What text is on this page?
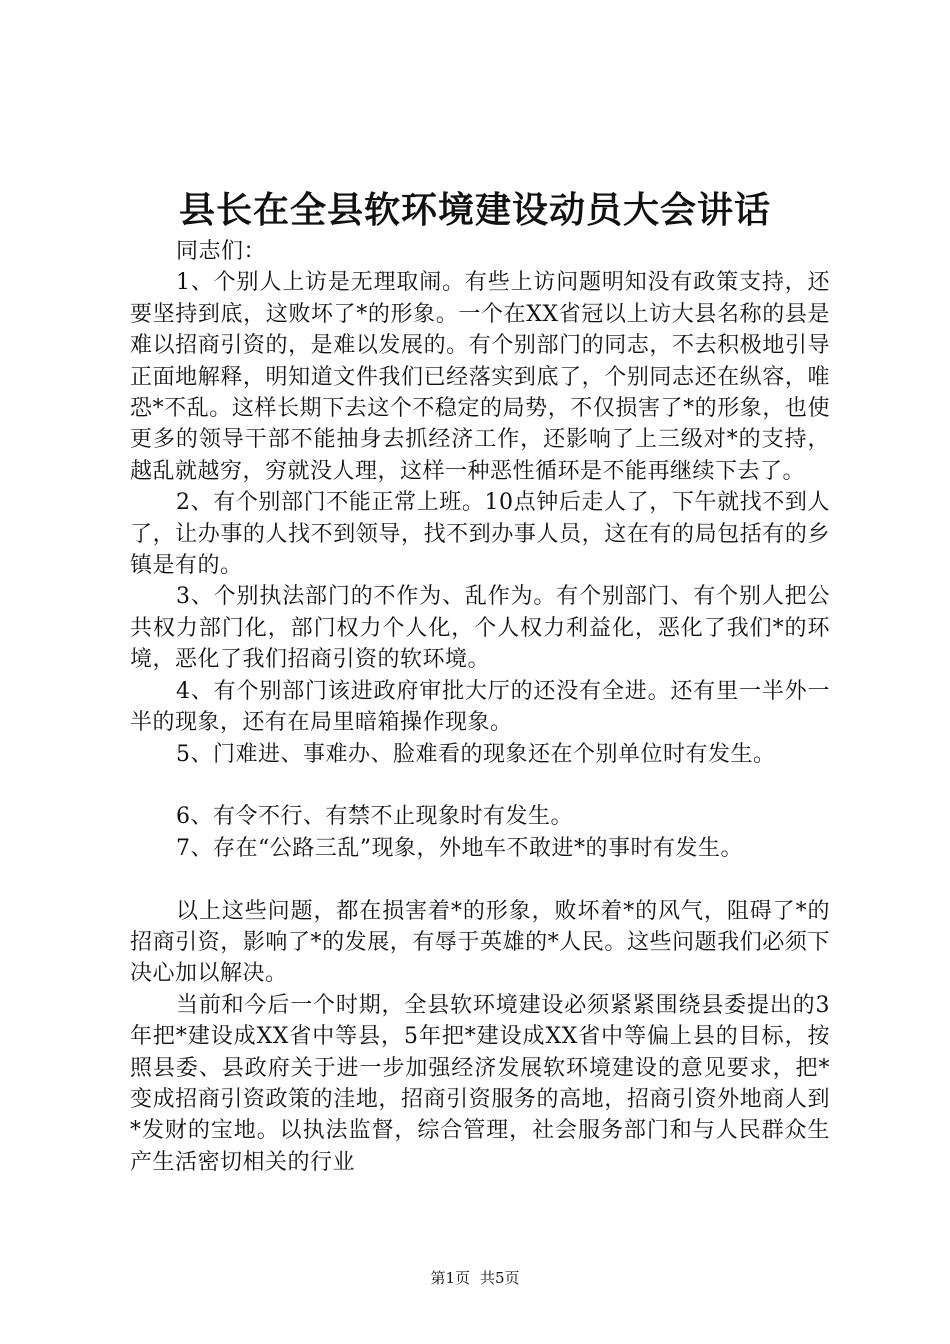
县长在全县软环境建设动员大会讲话

同志们：

1、个别人上访是无理取闹。有些上访问题明知没有政策支持，还要坚持到底，这败坏了*的形象。一个在XX省冠以上访大县名称的县是难以招商引资的，是难以发展的。有个别部门的同志，不去积极地引导正面地解释，明知道文件我们已经落实到底了，个别同志还在纵容，唯恐*不乱。这样长期下去这个不稳定的局势，不仅损害了*的形象，也使更多的领导干部不能抽身去抓经济工作，还影响了上三级对*的支持，越乱就越穷，穷就没人理，这样一种恶性循环是不能再继续下去了。

2、有个别部门不能正常上班。10点钟后走人了，下午就找不到人了，让办事的人找不到领导，找不到办事人员，这在有的局包括有的乡镇是有的。

3、个别执法部门的不作为、乱作为。有个别部门、有个别人把公共权力部门化，部门权力个人化，个人权力利益化，恶化了我们*的环境，恶化了我们招商引资的软环境。

4、有个别部门该进政府审批大厅的还没有全进。还有里一半外一半的现象，还有在局里暗箱操作现象。

5、门难进、事难办、脸难看的现象还在个别单位时有发生。

6、有令不行、有禁不止现象时有发生。

7、存在“公路三乱”现象，外地车不敢进*的事时有发生。

以上这些问题，都在损害着*的形象，败坏着*的风气，阻碍了*的招商引资，影响了*的发展，有辱于英雄的*人民。这些问题我们必须下决心加以解决。

当前和今后一个时期，全县软环境建设必须紧紧围绕县委提出的3年把*建设成XX省中等县，5年把*建设成XX省中等偏上县的目标，按照县委、县政府关于进一步加强经济发展软环境建设的意见要求，把*变成招商引资政策的洼地，招商引资服务的高地，招商引资外地商人到*发财的宝地。以执法监督，综合管理，社会服务部门和与人民群众生产生活密切相关的行业

第1页 共5页
